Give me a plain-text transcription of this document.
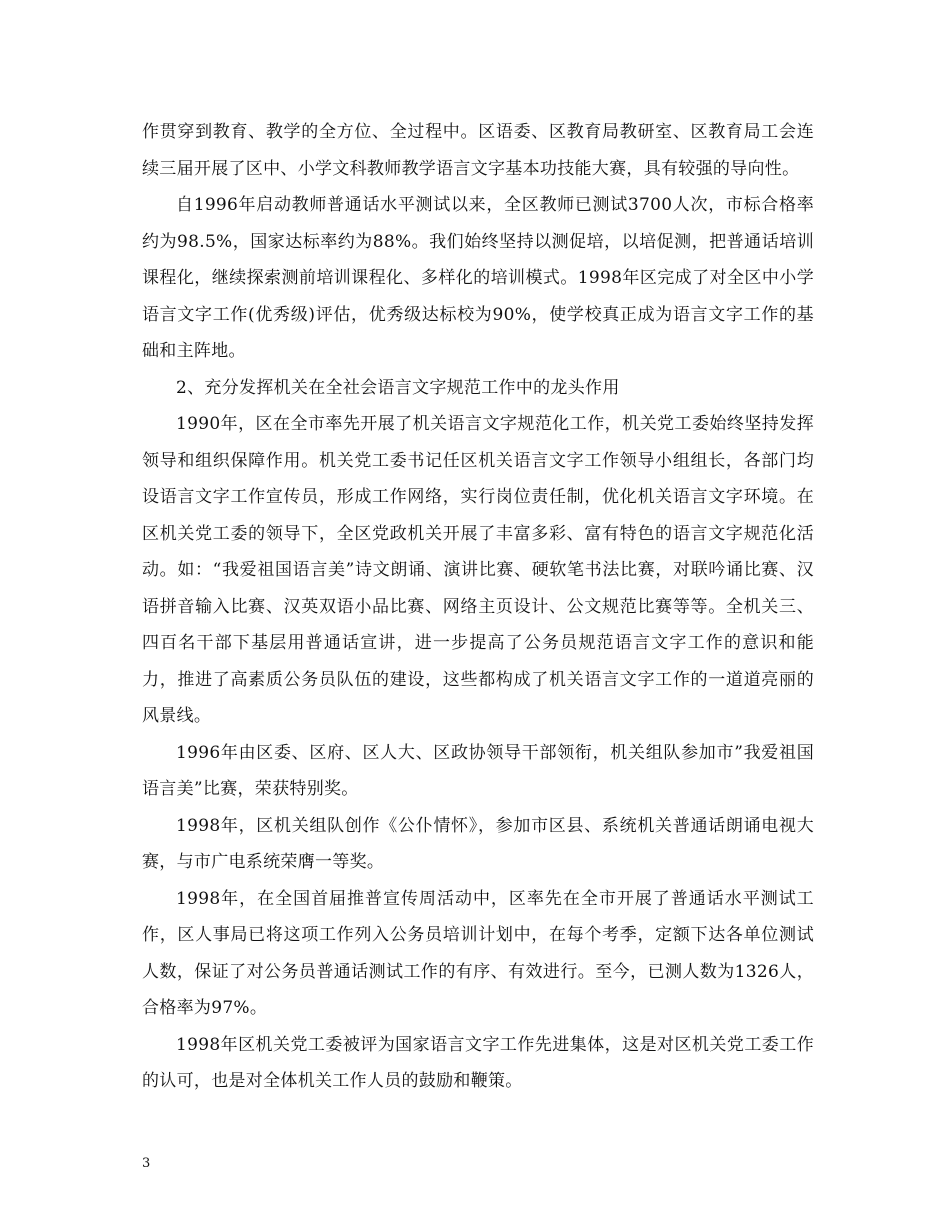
作贯穿到教育、教学的全方位、全过程中。区语委、区教育局教研室、区教育局工会连续三届开展了区中、小学文科教师教学语言文字基本功技能大赛，具有较强的导向性。

自1996年启动教师普通话水平测试以来，全区教师已测试3700人次，市标合格率约为98.5%，国家达标率约为88%。我们始终坚持以测促培，以培促测，把普通话培训课程化，继续探索测前培训课程化、多样化的培训模式。1998年区完成了对全区中小学语言文字工作(优秀级)评估，优秀级达标校为90%，使学校真正成为语言文字工作的基础和主阵地。

2、充分发挥机关在全社会语言文字规范工作中的龙头作用

1990年，区在全市率先开展了机关语言文字规范化工作，机关党工委始终坚持发挥领导和组织保障作用。机关党工委书记任区机关语言文字工作领导小组组长，各部门均设语言文字工作宣传员，形成工作网络，实行岗位责任制，优化机关语言文字环境。在区机关党工委的领导下，全区党政机关开展了丰富多彩、富有特色的语言文字规范化活动。如：“我爱祖国语言美”诗文朗诵、演讲比赛、硬软笔书法比赛，对联吟诵比赛、汉语拼音输入比赛、汉英双语小品比赛、网络主页设计、公文规范比赛等等。全机关三、四百名干部下基层用普通话宣讲，进一步提高了公务员规范语言文字工作的意识和能力，推进了高素质公务员队伍的建设，这些都构成了机关语言文字工作的一道道亮丽的风景线。

1996年由区委、区府、区人大、区政协领导干部领衔，机关组队参加市”我爱祖国语言美”比赛，荣获特别奖。

1998年，区机关组队创作《公仆情怀》，参加市区县、系统机关普通话朗诵电视大赛，与市广电系统荣膺一等奖。

1998年，在全国首届推普宣传周活动中，区率先在全市开展了普通话水平测试工作，区人事局已将这项工作列入公务员培训计划中，在每个考季，定额下达各单位测试人数，保证了对公务员普通话测试工作的有序、有效进行。至今，已测人数为1326人，合格率为97%。

1998年区机关党工委被评为国家语言文字工作先进集体，这是对区机关党工委工作的认可，也是对全体机关工作人员的鼓励和鞭策。

3
